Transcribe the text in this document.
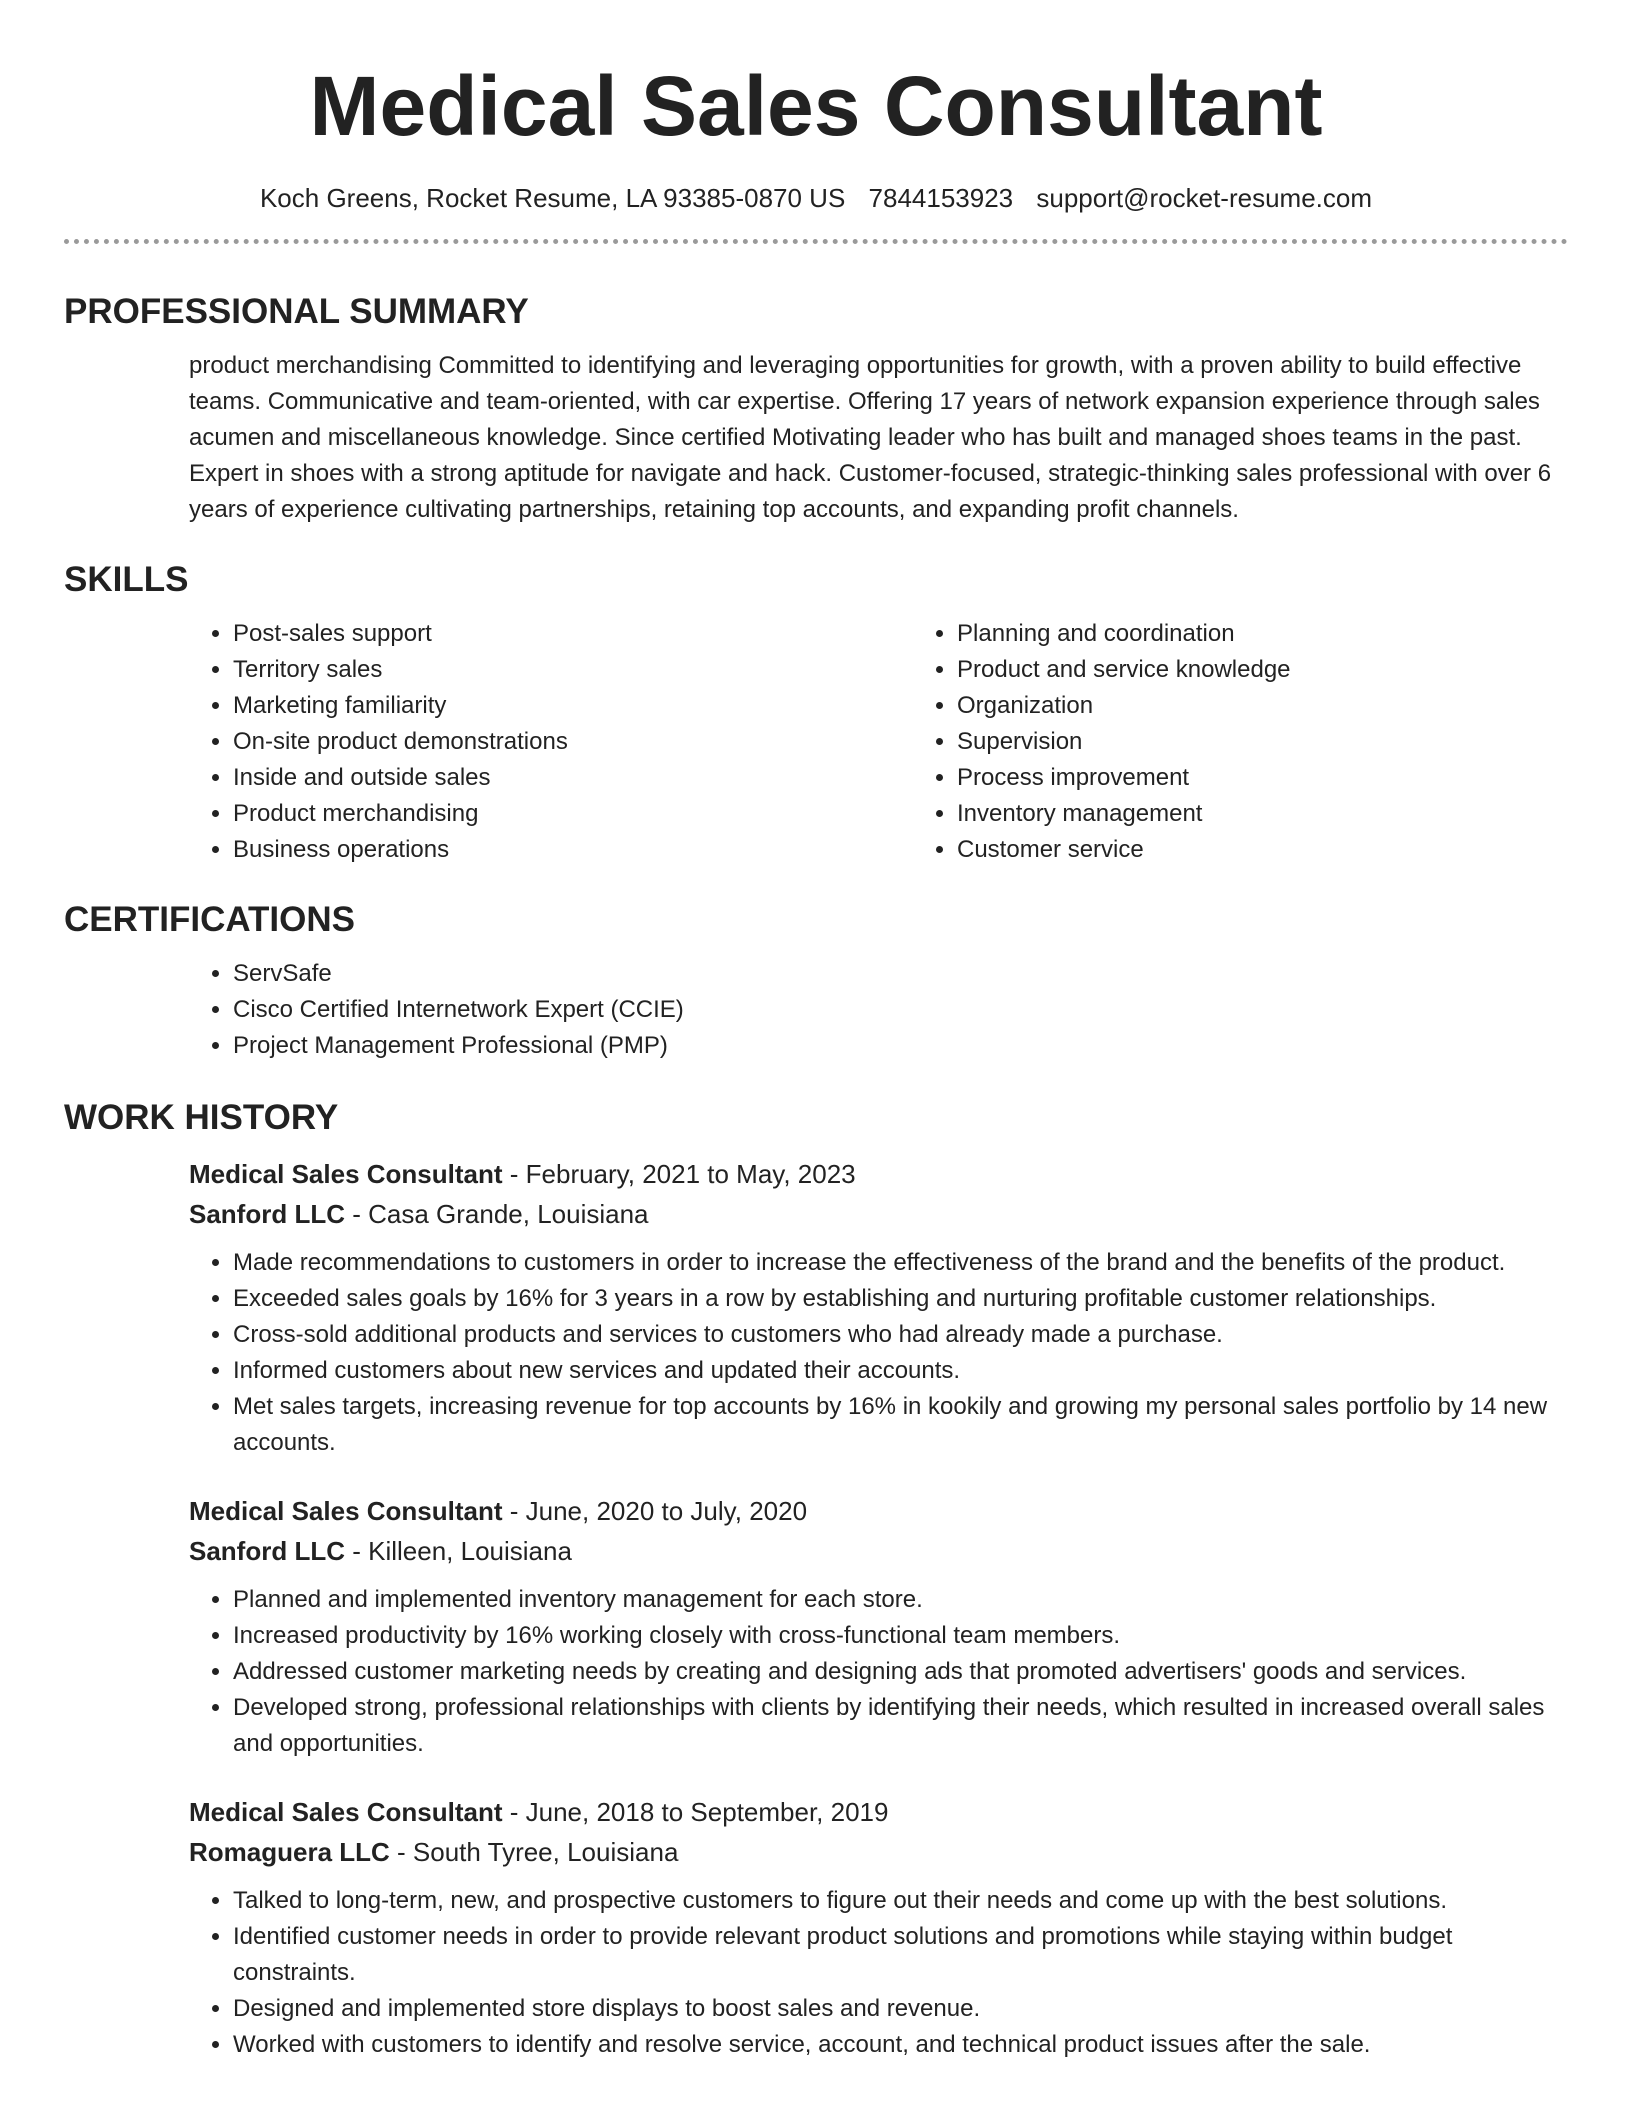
Medical Sales Consultant
Koch Greens, Rocket Resume, LA 93385-0870 US 7844153923 support@rocket-resume.com
PROFESSIONAL SUMMARY

product merchandising Committed to identifying and leveraging opportunities for growth, with a proven ability to build effective teams. Communicative and team-oriented, with car expertise. Offering 17 years of network expansion experience through sales acumen and miscellaneous knowledge. Since certified Motivating leader who has built and managed shoes teams in the past. Expert in shoes with a strong aptitude for navigate and hack. Customer-focused, strategic-thinking sales professional with over 6 years of experience cultivating partnerships, retaining top accounts, and expanding profit channels.

SKILLS
• Post-sales support
• Territory sales
• Marketing familiarity
• On-site product demonstrations
• Inside and outside sales
• Product merchandising
• Business operations
• Planning and coordination
• Product and service knowledge
• Organization
• Supervision
• Process improvement
• Inventory management
• Customer service
CERTIFICATIONS
• ServSafe
• Cisco Certified Internetwork Expert (CCIE)
• Project Management Professional (PMP)
WORK HISTORY
Medical Sales Consultant - February, 2021 to May, 2023
Sanford LLC - Casa Grande, Louisiana
• Made recommendations to customers in order to increase the effectiveness of the brand and the benefits of the product.
• Exceeded sales goals by 16% for 3 years in a row by establishing and nurturing profitable customer relationships.
• Cross-sold additional products and services to customers who had already made a purchase.
• Informed customers about new services and updated their accounts.
• Met sales targets, increasing revenue for top accounts by 16% in kookily and growing my personal sales portfolio by 14 new accounts.
Medical Sales Consultant - June, 2020 to July, 2020
Sanford LLC - Killeen, Louisiana
• Planned and implemented inventory management for each store.
• Increased productivity by 16% working closely with cross-functional team members.
• Addressed customer marketing needs by creating and designing ads that promoted advertisers' goods and services.
• Developed strong, professional relationships with clients by identifying their needs, which resulted in increased overall sales and opportunities.
Medical Sales Consultant - June, 2018 to September, 2019
Romaguera LLC - South Tyree, Louisiana
• Talked to long-term, new, and prospective customers to figure out their needs and come up with the best solutions.
• Identified customer needs in order to provide relevant product solutions and promotions while staying within budget constraints.
• Designed and implemented store displays to boost sales and revenue.
• Worked with customers to identify and resolve service, account, and technical product issues after the sale.
